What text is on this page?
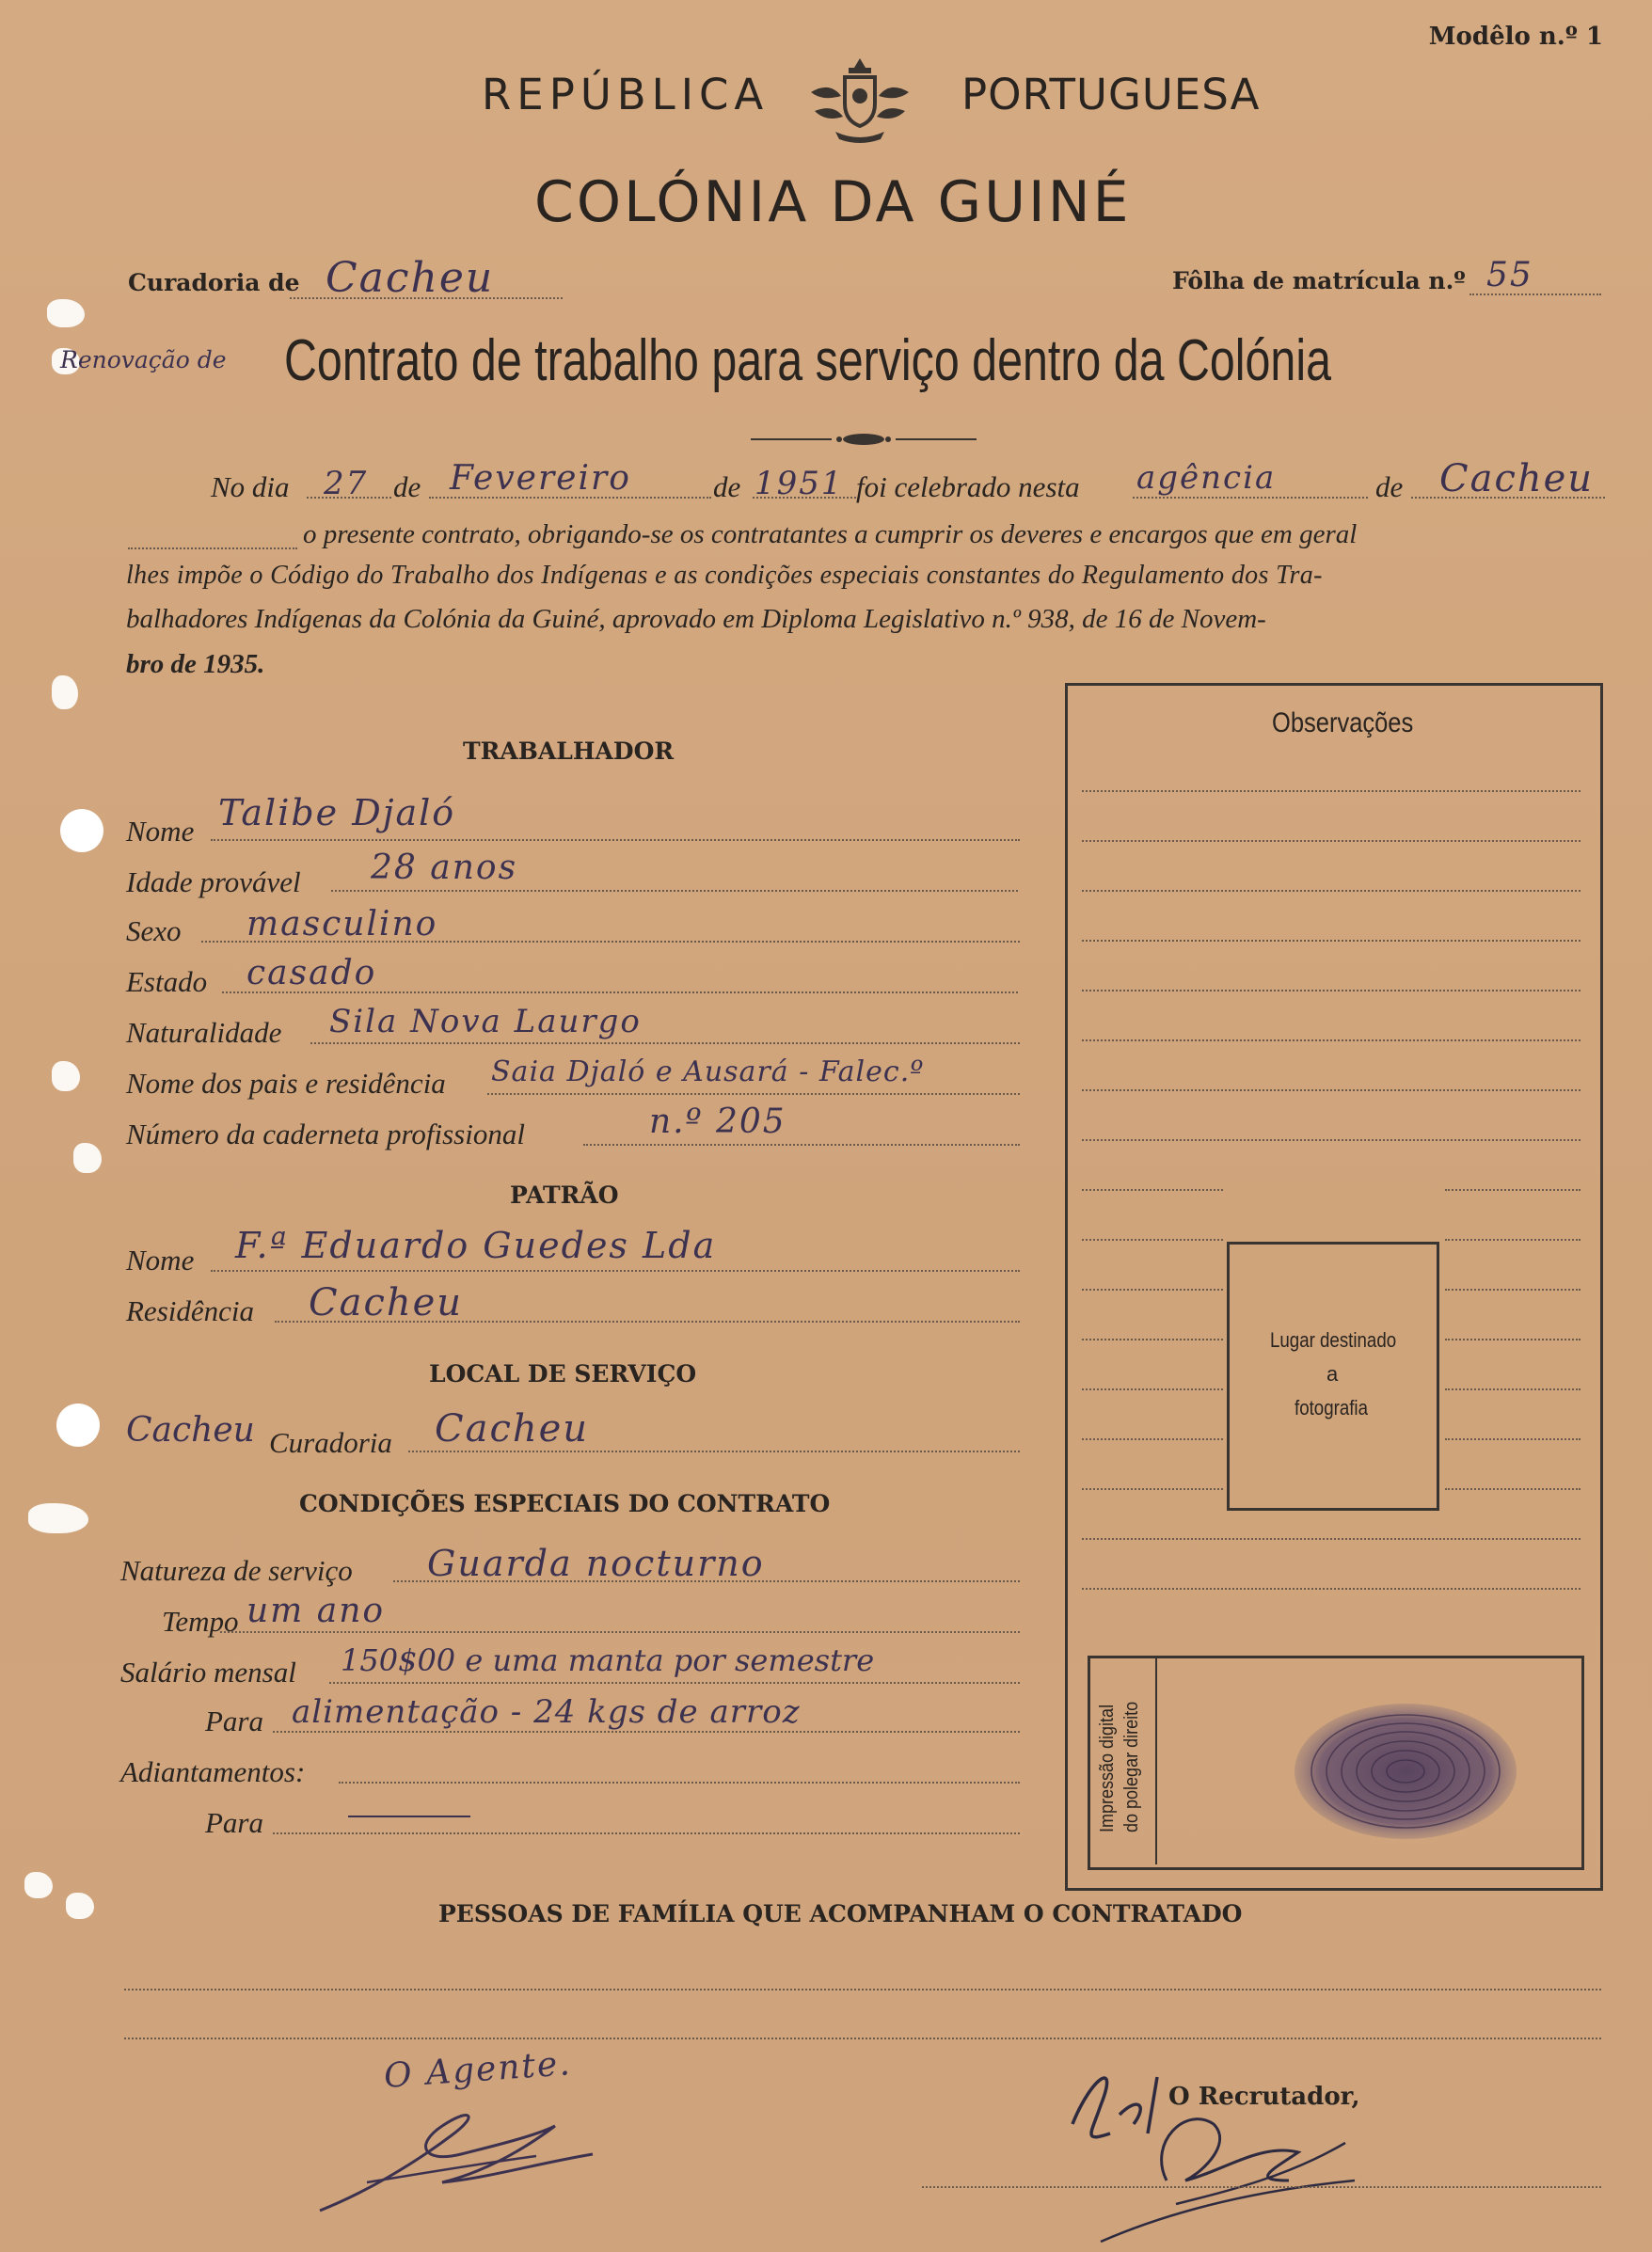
Modêlo n.º 1
REPÚBLICA	PORTUGUESA
COLÓNIA DA GUINÉ
Curadoria de Cacheu	Fôlha de matrícula n.º 55
Renovação de Contrato de trabalho para serviço dentro da Colónia
No dia 27 de Fevereiro	de 1951 foi celebrado nesta agência	de Cacheu
o presente contrato, obrigando-se os contratantes a cumprir os deveres e encargos que em geral
lhes impõe o Código do Trabalho dos Indígenas e as condições especiais constantes do Regulamento dos Tra-
balhadores Indígenas da Colónia da Guiné, aprovado em Diploma Legislativo n.º 938, de 16 de Novem-
bro de 1935.
Observações
Lugar destinado
a
fotografia
Impressão digital do polegar direito
TRABALHADOR
Nome Talibe Djaló
Idade provável 28 anos
Sexo masculino
Estado casado
Naturalidade Sila Nova Laurgo
Nome dos pais e residência Saia Djaló e Ausará - Falec.º
Número da caderneta profissional	n.º 205
PATRÃO
Nome F.ª Eduardo Guedes Lda
Residência Cacheu
LOCAL DE SERVIÇO
Cacheu Curadoria Cacheu
CONDIÇÕES ESPECIAIS DO CONTRATO
Natureza de serviço Guarda nocturno
Tempo um ano
Salário mensal 150$00 e uma manta por semestre
Para alimentação - 24 kgs de arroz
Adiantamentos:
Para
PESSOAS DE FAMÍLIA QUE ACOMPANHAM O CONTRATADO
O Agente.
O Recrutador,
